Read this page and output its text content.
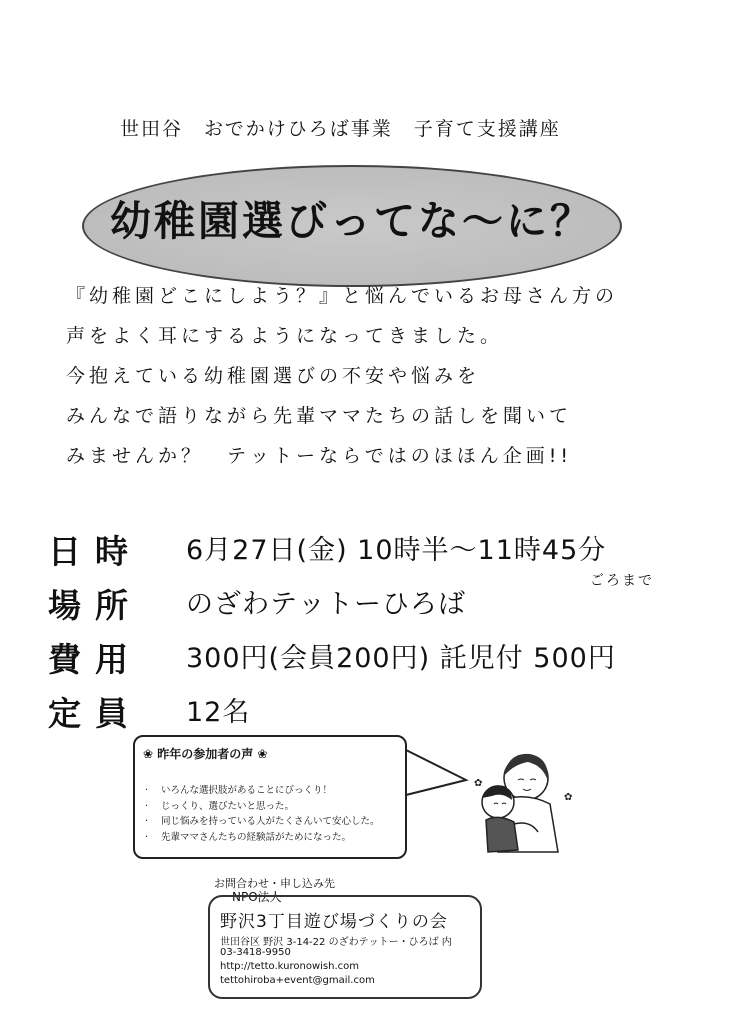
世田谷　おでかけひろば事業　子育て支援講座
幼稚園選びってな～に？
『幼稚園どこにしよう？』と悩んでいるお母さん方の
声をよく耳にするようになってきました。
今抱えている幼稚園選びの不安や悩みを
みんなで語りながら先輩ママたちの話しを聞いて
みませんか？　テットーならではのほほん企画!!
日時 6月27日(金) 10時半～11時45分
ごろまで
場所 のざわテットーひろば
費用 300円(会員200円) 託児付 500円
定員 12名
❀ 昨年の参加者の声 ❀
· いろんな選択肢があることにびっくり！
· じっくり、選びたいと思った。
· 同じ悩みを持っている人がたくさんいて安心した。
· 先輩ママさんたちの経験話がためになった。
✿
✿
お問合わせ・申し込み先
NPO法人
野沢3丁目遊び場づくりの会
世田谷区 野沢 3-14-22 のざわテットー・ひろば 内
03-3418-9950
http://tetto.kuronowish.com
tettohiroba+event@gmail.com
